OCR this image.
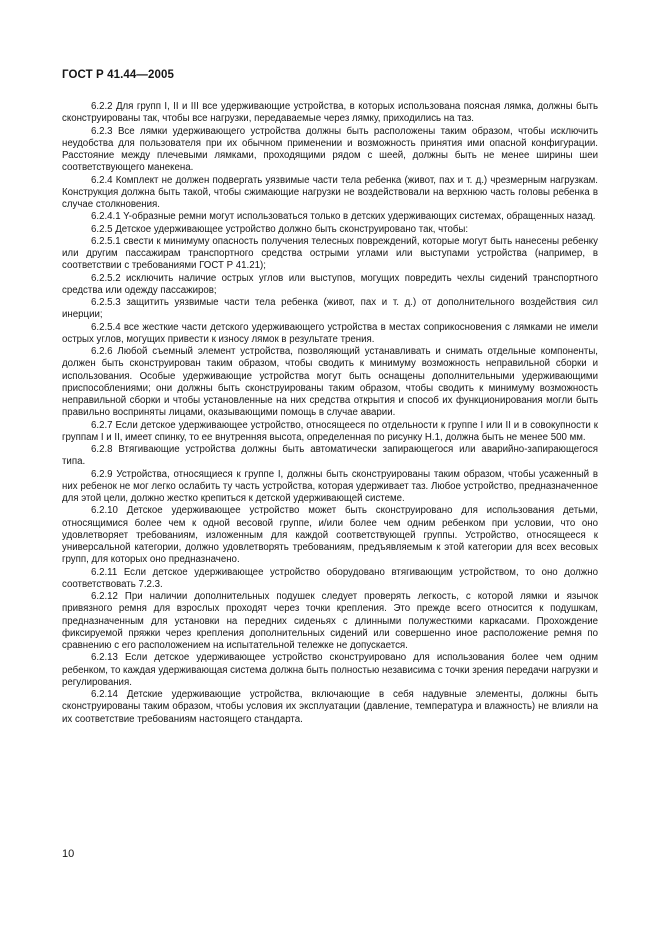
ГОСТ Р 41.44—2005

6.2.2 Для групп I, II и III все удерживающие устройства, в которых использована поясная лямка, должны быть сконструированы так, чтобы все нагрузки, передаваемые через лямку, приходились на таз.

6.2.3 Все лямки удерживающего устройства должны быть расположены таким образом, чтобы исключить неудобства для пользователя при их обычном применении и возможность принятия ими опасной конфигурации. Расстояние между плечевыми лямками, проходящими рядом с шеей, должны быть не менее ширины шеи соответствующего манекена.

6.2.4 Комплект не должен подвергать уязвимые части тела ребенка (живот, пах и т. д.) чрезмерным нагрузкам. Конструкция должна быть такой, чтобы сжимающие нагрузки не воздействовали на верхнюю часть головы ребенка в случае столкновения.

6.2.4.1 Y-образные ремни могут использоваться только в детских удерживающих системах, обращенных назад.

6.2.5 Детское удерживающее устройство должно быть сконструировано так, чтобы:

6.2.5.1 свести к минимуму опасность получения телесных повреждений, которые могут быть нанесены ребенку или другим пассажирам транспортного средства острыми углами или выступами устройства (например, в соответствии с требованиями ГОСТ Р 41.21);

6.2.5.2 исключить наличие острых углов или выступов, могущих повредить чехлы сидений транспортного средства или одежду пассажиров;

6.2.5.3 защитить уязвимые части тела ребенка (живот, пах и т. д.) от дополнительного воздействия сил инерции;

6.2.5.4 все жесткие части детского удерживающего устройства в местах соприкосновения с лямками не имели острых углов, могущих привести к износу лямок в результате трения.

6.2.6 Любой съемный элемент устройства, позволяющий устанавливать и снимать отдельные компоненты, должен быть сконструирован таким образом, чтобы сводить к минимуму возможность неправильной сборки и использования. Особые удерживающие устройства могут быть оснащены дополнительными удерживающими приспособлениями; они должны быть сконструированы таким образом, чтобы сводить к минимуму возможность неправильной сборки и чтобы установленные на них средства открытия и способ их функционирования могли быть правильно восприняты лицами, оказывающими помощь в случае аварии.

6.2.7 Если детское удерживающее устройство, относящееся по отдельности к группе I или II и в совокупности к группам I и II, имеет спинку, то ее внутренняя высота, определенная по рисунку Н.1, должна быть не менее 500 мм.

6.2.8 Втягивающие устройства должны быть автоматически запирающегося или аварийно-запирающегося типа.

6.2.9 Устройства, относящиеся к группе I, должны быть сконструированы таким образом, чтобы усаженный в них ребенок не мог легко ослабить ту часть устройства, которая удерживает таз. Любое устройство, предназначенное для этой цели, должно жестко крепиться к детской удерживающей системе.

6.2.10 Детское удерживающее устройство может быть сконструировано для использования детьми, относящимися более чем к одной весовой группе, и/или более чем одним ребенком при условии, что оно удовлетворяет требованиям, изложенным для каждой соответствующей группы. Устройство, относящееся к универсальной категории, должно удовлетворять требованиям, предъявляемым к этой категории для всех весовых групп, для которых оно предназначено.

6.2.11 Если детское удерживающее устройство оборудовано втягивающим устройством, то оно должно соответствовать 7.2.3.

6.2.12 При наличии дополнительных подушек следует проверять легкость, с которой лямки и язычок привязного ремня для взрослых проходят через точки крепления. Это прежде всего относится к подушкам, предназначенным для установки на передних сиденьях с длинными полужесткими каркасами. Прохождение фиксируемой пряжки через крепления дополнительных сидений или совершенно иное расположение ремня по сравнению с его расположением на испытательной тележке не допускается.

6.2.13 Если детское удерживающее устройство сконструировано для использования более чем одним ребенком, то каждая удерживающая система должна быть полностью независима с точки зрения передачи нагрузки и регулирования.

6.2.14 Детские удерживающие устройства, включающие в себя надувные элементы, должны быть сконструированы таким образом, чтобы условия их эксплуатации (давление, температура и влажность) не влияли на их соответствие требованиям настоящего стандарта.

10
